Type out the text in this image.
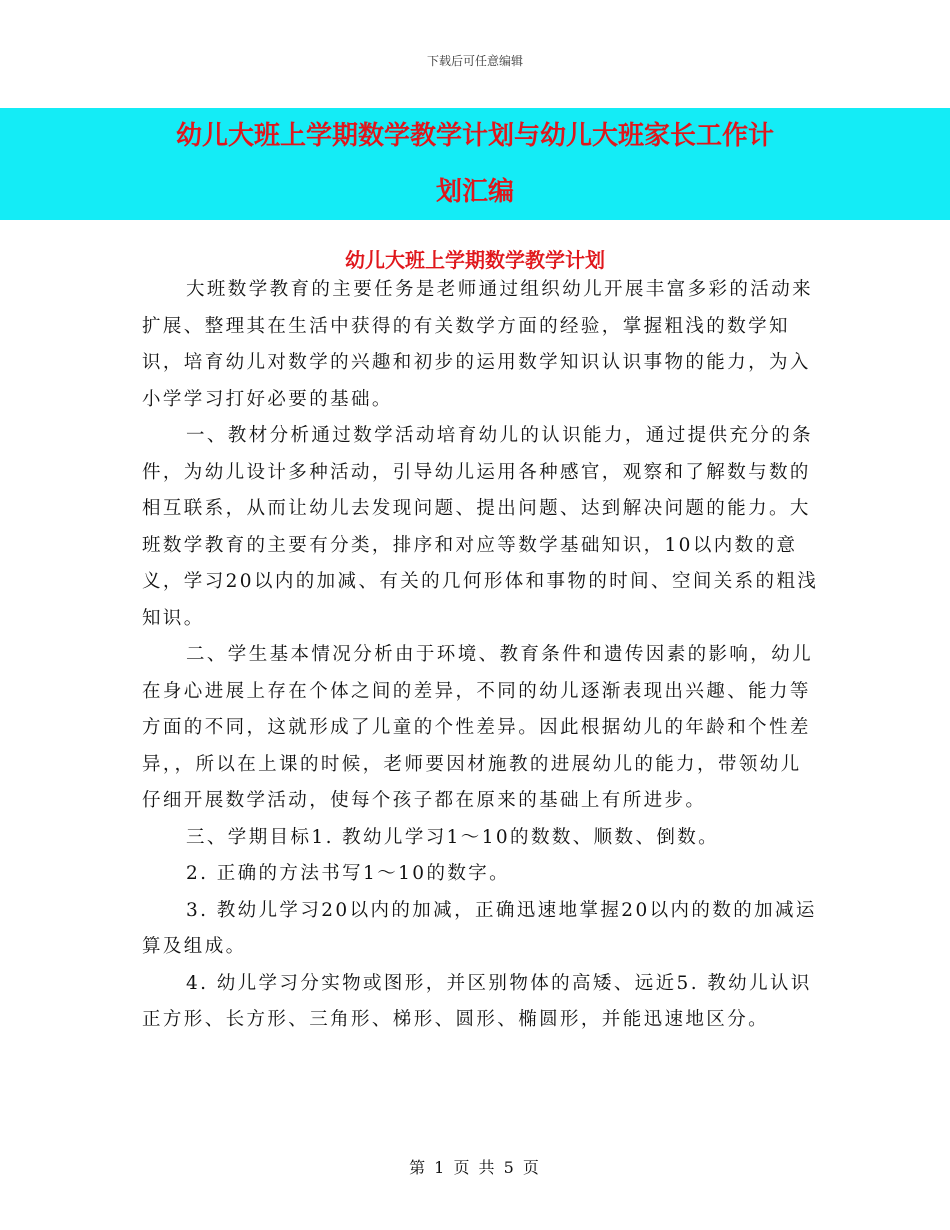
下载后可任意编辑
幼儿大班上学期数学教学计划与幼儿大班家长工作计
划汇编
幼儿大班上学期数学教学计划

大班数学教育的主要任务是老师通过组织幼儿开展丰富多彩的活动来扩展、整理其在生活中获得的有关数学方面的经验，掌握粗浅的数学知识，培育幼儿对数学的兴趣和初步的运用数学知识认识事物的能力，为入小学学习打好必要的基础。

一、教材分析通过数学活动培育幼儿的认识能力，通过提供充分的条件，为幼儿设计多种活动，引导幼儿运用各种感官，观察和了解数与数的相互联系，从而让幼儿去发现问题、提出问题、达到解决问题的能力。大班数学教育的主要有分类，排序和对应等数学基础知识，10以内数的意义，学习20以内的加减、有关的几何形体和事物的时间、空间关系的粗浅知识。

二、学生基本情况分析由于环境、教育条件和遗传因素的影响，幼儿在身心进展上存在个体之间的差异，不同的幼儿逐渐表现出兴趣、能力等方面的不同，这就形成了儿童的个性差异。因此根据幼儿的年龄和个性差异，，所以在上课的时候，老师要因材施教的进展幼儿的能力，带领幼儿仔细开展数学活动，使每个孩子都在原来的基础上有所进步。

三、学期目标1. 教幼儿学习1～10的数数、顺数、倒数。

2. 正确的方法书写1～10的数字。

3. 教幼儿学习20以内的加减，正确迅速地掌握20以内的数的加减运算及组成。

4. 幼儿学习分实物或图形，并区别物体的高矮、远近5. 教幼儿认识正方形、长方形、三角形、梯形、圆形、椭圆形，并能迅速地区分。

第 1 页 共 5 页
